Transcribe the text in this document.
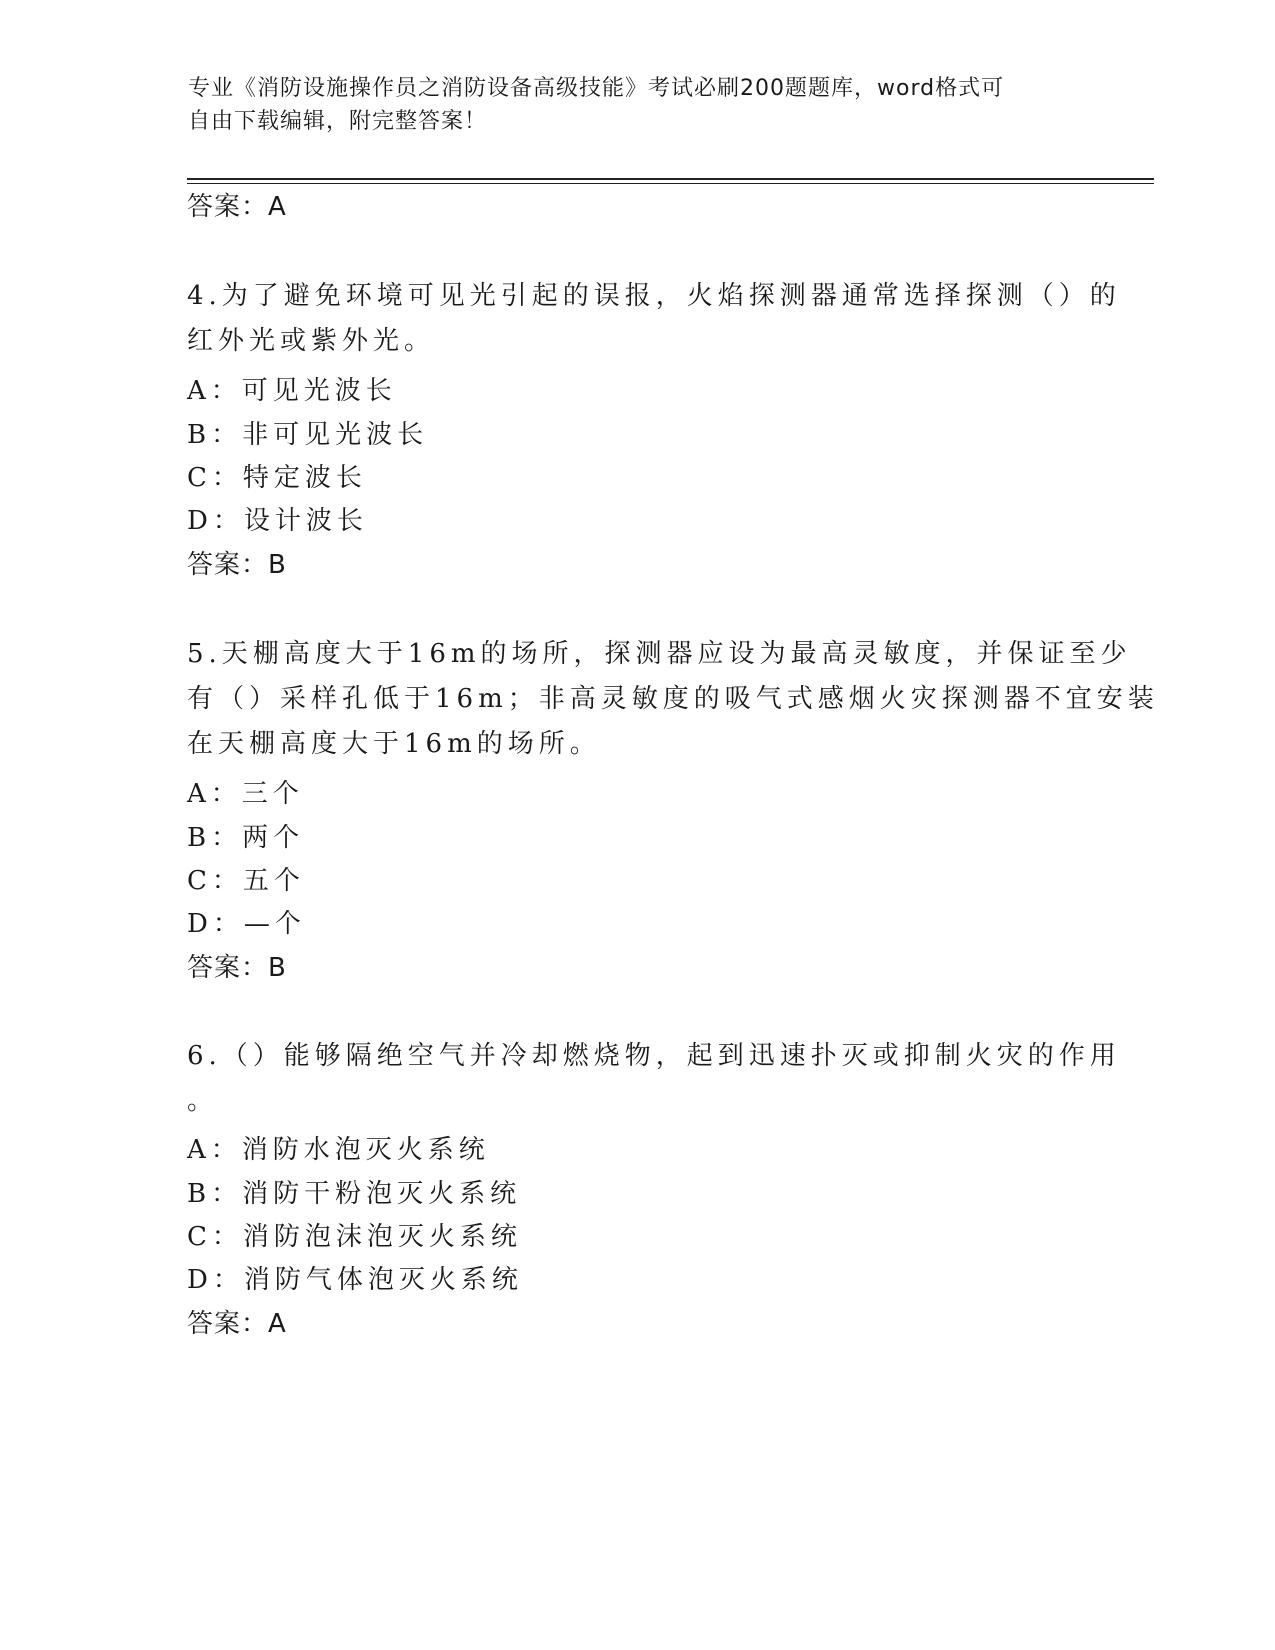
专业《消防设施操作员之消防设备高级技能》考试必刷200题题库，word格式可
自由下载编辑，附完整答案！
答案：A
4.为了避免环境可见光引起的误报，火焰探测器通常选择探测（）的
红外光或紫外光。
A：可见光波长
B：非可见光波长
C：特定波长
D：设计波长
答案：B
5.天棚高度大于16m的场所，探测器应设为最高灵敏度，并保证至少
有（）采样孔低于16m；非高灵敏度的吸气式感烟火灾探测器不宜安装
在天棚高度大于16m的场所。
A：三个
B：两个
C：五个
D：—个
答案：B
6.（）能够隔绝空气并冷却燃烧物，起到迅速扑灭或抑制火灾的作用
。
A：消防水泡灭火系统
B：消防干粉泡灭火系统
C：消防泡沫泡灭火系统
D：消防气体泡灭火系统
答案：A
